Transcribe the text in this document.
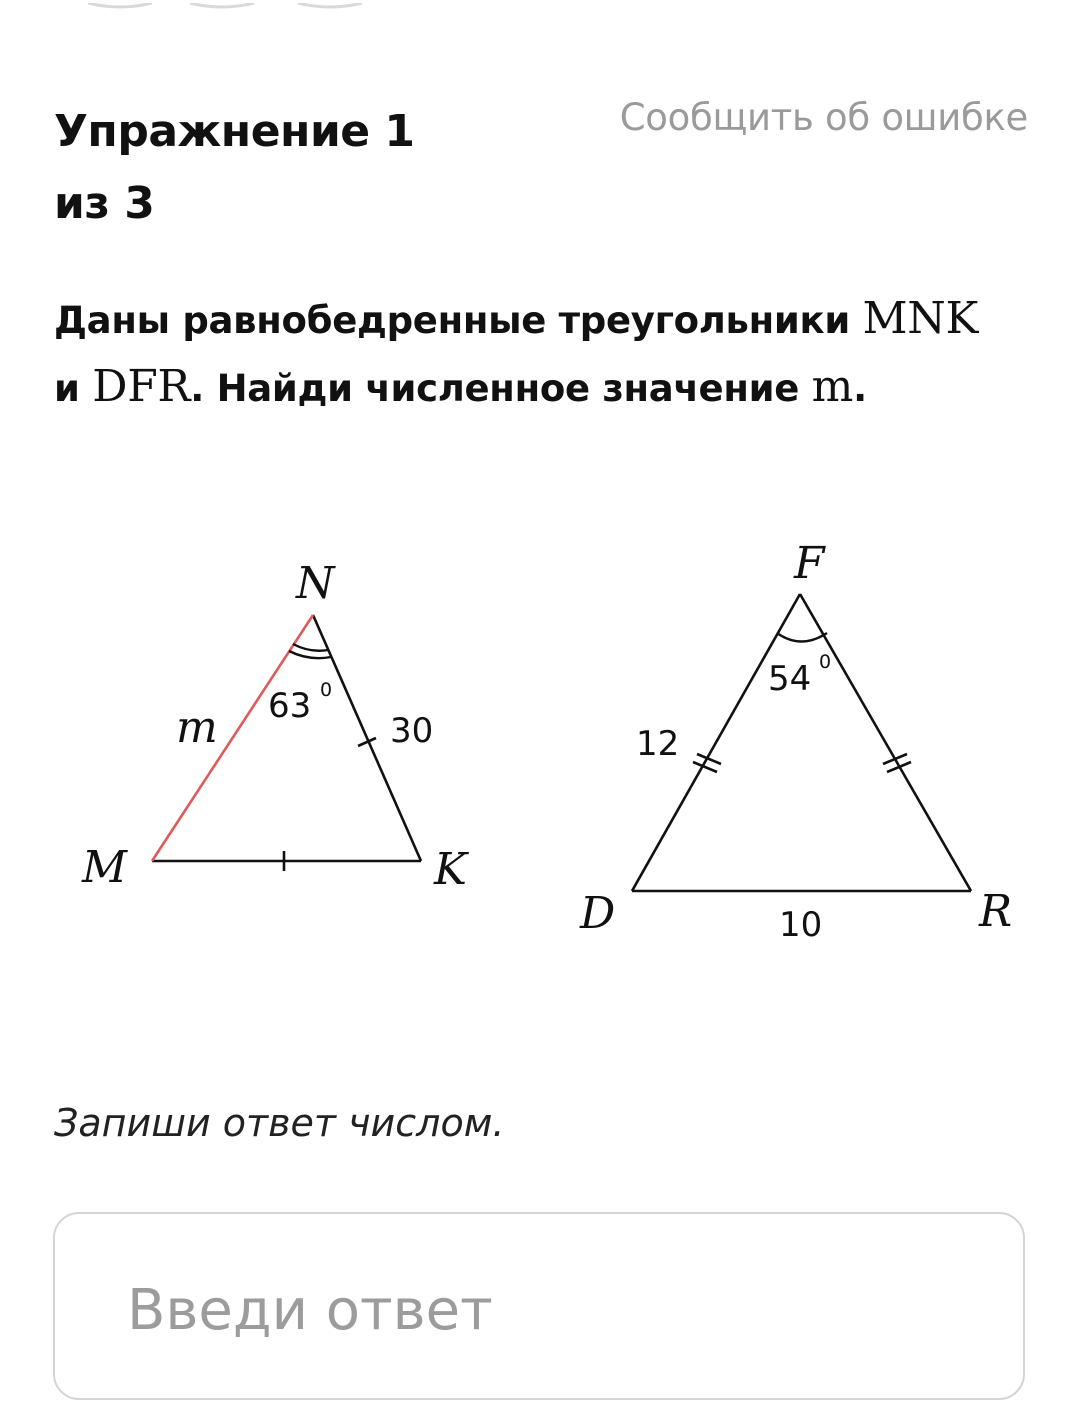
Упражнение 1
из 3
Сообщить об ошибке
Даны равнобедренные треугольники MNK
и DFR. Найди численное значение m.
N
M	K
m	30
63 0
F
D	R
12
10
54 0
Запиши ответ числом.
Введи ответ
